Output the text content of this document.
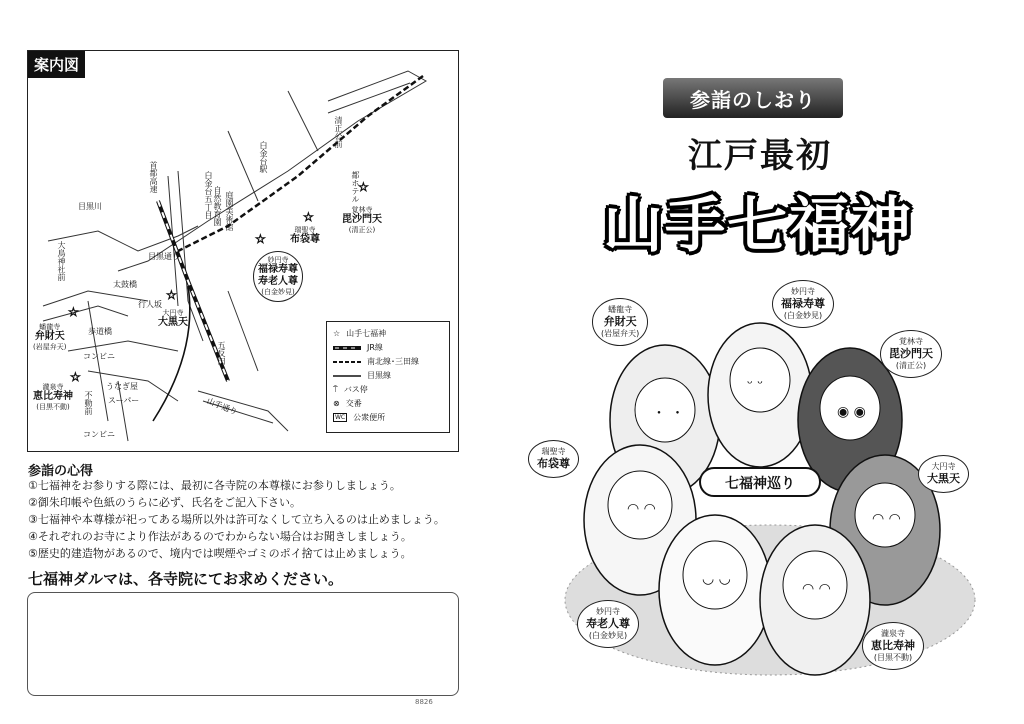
案内図
☆
☆
☆
☆
☆
☆
首都高速	白金台五丁目
白金台駅
清正公前
都ホテル
自然教育園 庭園美術館
大鳥神社前
不動前
目黒通り
山手通り
太鼓橋
行人坂
歩道橋
コンビニ
コンビニ
スーパー
うなぎ屋
目黒川
五反田
蟠龍寺
弁財天
(岩屋弁天)
大円寺
大黒天
瀧泉寺
恵比寿神
(目黒不動)
瑞聖寺
布袋尊
妙円寺
福禄寿尊
寿老人尊
(白金妙見)
覚林寺
毘沙門天
(清正公)
☆ 山手七福神
JR線
南北線･三田線
目黒線
⍑ バス停
⊗ 交番
WC 公衆便所
参詣の心得
①七福神をお参りする際には、最初に各寺院の本尊様にお参りしましょう。
②御朱印帳や色紙のうらに必ず、氏名をご記入下さい。
③七福神や本尊様が祀ってある場所以外は許可なくして立ち入るのは止めましょう。
④それぞれのお寺により作法があるのでわからない場合はお聞きしましょう。
⑤歴史的建造物があるので、境内では喫煙やゴミのポイ捨ては止めましょう。
七福神ダルマは、各寺院にてお求めください。
8826
参詣のしおり
江戸最初
山手七福神
・ ・
ᵕ ᵕ
◉ ◉
◠ ◠
◠ ◠
◡ ◡
◠ ◠
七福神巡り
蟠龍寺
弁財天
(岩屋弁天)
妙円寺
福禄寿尊
(白金妙見)
覚林寺
毘沙門天
(清正公)
瑞聖寺
布袋尊	大円寺
大黒天
妙円寺
寿老人尊
(白金妙見)	瀧泉寺
恵比寿神
(目黒不動)
